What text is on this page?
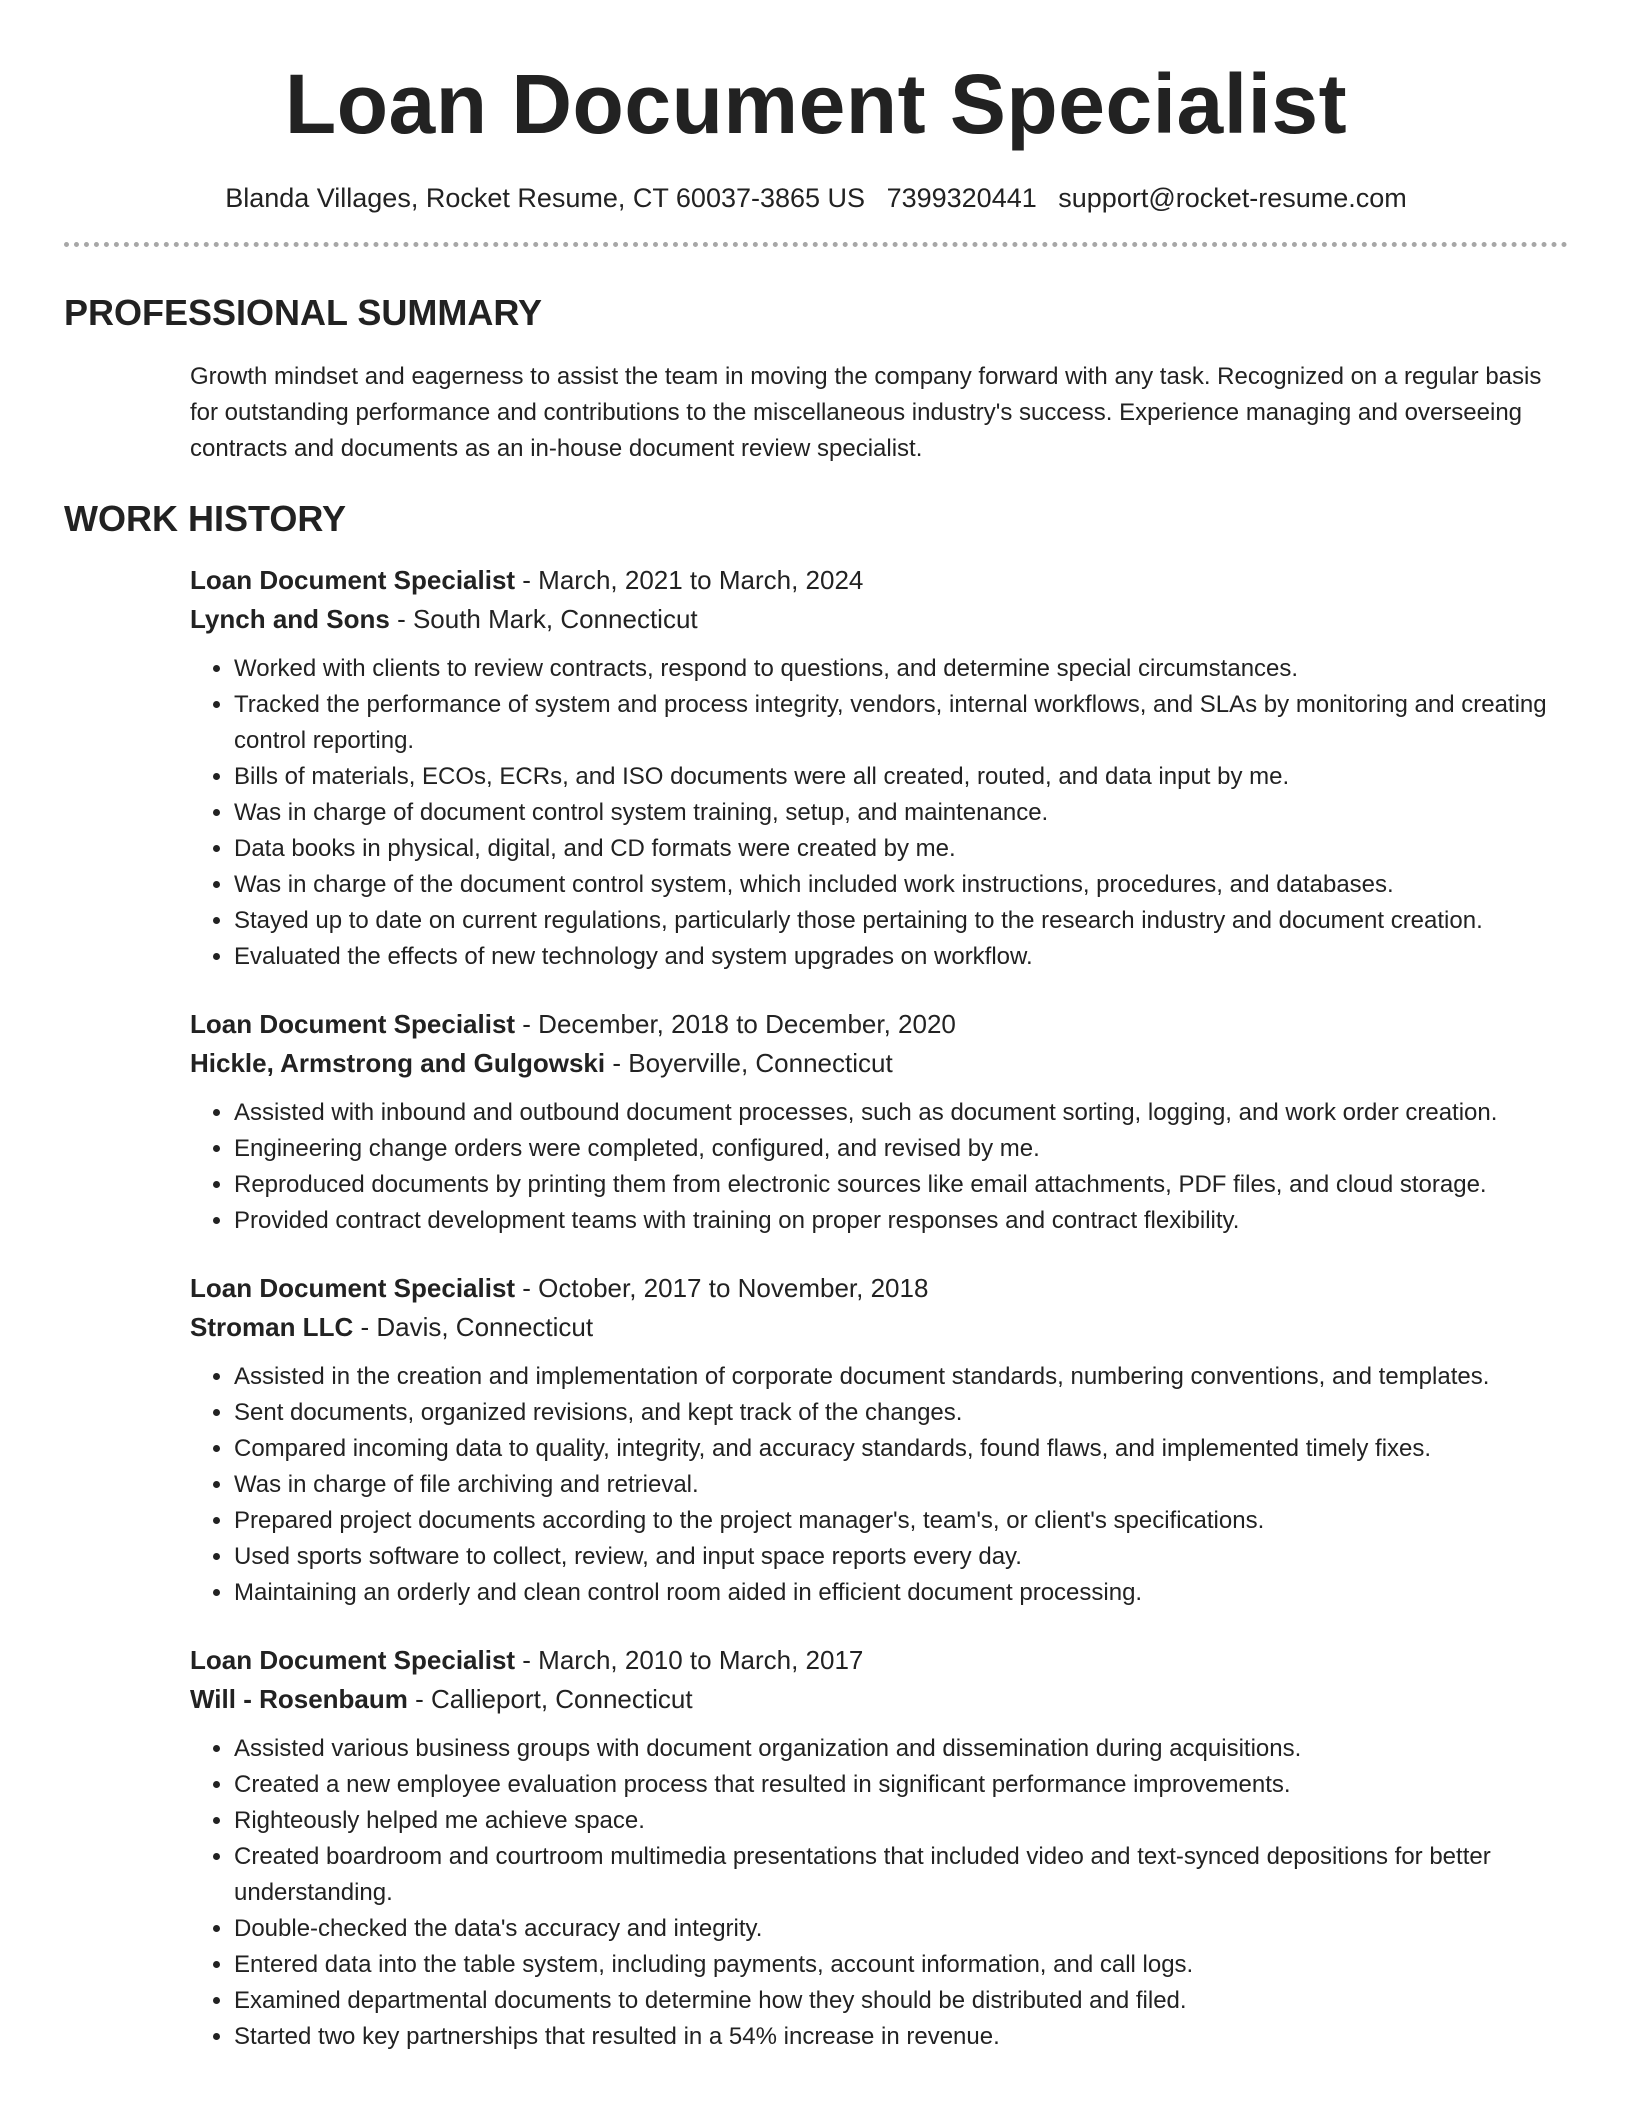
Loan Document Specialist
Blanda Villages, Rocket Resume, CT 60037-3865 US 7399320441 support@rocket-resume.com
PROFESSIONAL SUMMARY
Growth mindset and eagerness to assist the team in moving the company forward with any task. Recognized on a regular basis for outstanding performance and contributions to the miscellaneous industry's success. Experience managing and overseeing contracts and documents as an in-house document review specialist.
WORK HISTORY
Loan Document Specialist - March, 2021 to March, 2024
Lynch and Sons - South Mark, Connecticut
• Worked with clients to review contracts, respond to questions, and determine special circumstances.
• Tracked the performance of system and process integrity, vendors, internal workflows, and SLAs by monitoring and creating control reporting.
• Bills of materials, ECOs, ECRs, and ISO documents were all created, routed, and data input by me.
• Was in charge of document control system training, setup, and maintenance.
• Data books in physical, digital, and CD formats were created by me.
• Was in charge of the document control system, which included work instructions, procedures, and databases.
• Stayed up to date on current regulations, particularly those pertaining to the research industry and document creation.
• Evaluated the effects of new technology and system upgrades on workflow.
Loan Document Specialist - December, 2018 to December, 2020
Hickle, Armstrong and Gulgowski - Boyerville, Connecticut
• Assisted with inbound and outbound document processes, such as document sorting, logging, and work order creation.
• Engineering change orders were completed, configured, and revised by me.
• Reproduced documents by printing them from electronic sources like email attachments, PDF files, and cloud storage.
• Provided contract development teams with training on proper responses and contract flexibility.
Loan Document Specialist - October, 2017 to November, 2018
Stroman LLC - Davis, Connecticut
• Assisted in the creation and implementation of corporate document standards, numbering conventions, and templates.
• Sent documents, organized revisions, and kept track of the changes.
• Compared incoming data to quality, integrity, and accuracy standards, found flaws, and implemented timely fixes.
• Was in charge of file archiving and retrieval.
• Prepared project documents according to the project manager's, team's, or client's specifications.
• Used sports software to collect, review, and input space reports every day.
• Maintaining an orderly and clean control room aided in efficient document processing.
Loan Document Specialist - March, 2010 to March, 2017
Will - Rosenbaum - Callieport, Connecticut
• Assisted various business groups with document organization and dissemination during acquisitions.
• Created a new employee evaluation process that resulted in significant performance improvements.
• Righteously helped me achieve space.
• Created boardroom and courtroom multimedia presentations that included video and text-synced depositions for better understanding.
• Double-checked the data's accuracy and integrity.
• Entered data into the table system, including payments, account information, and call logs.
• Examined departmental documents to determine how they should be distributed and filed.
• Started two key partnerships that resulted in a 54% increase in revenue.
